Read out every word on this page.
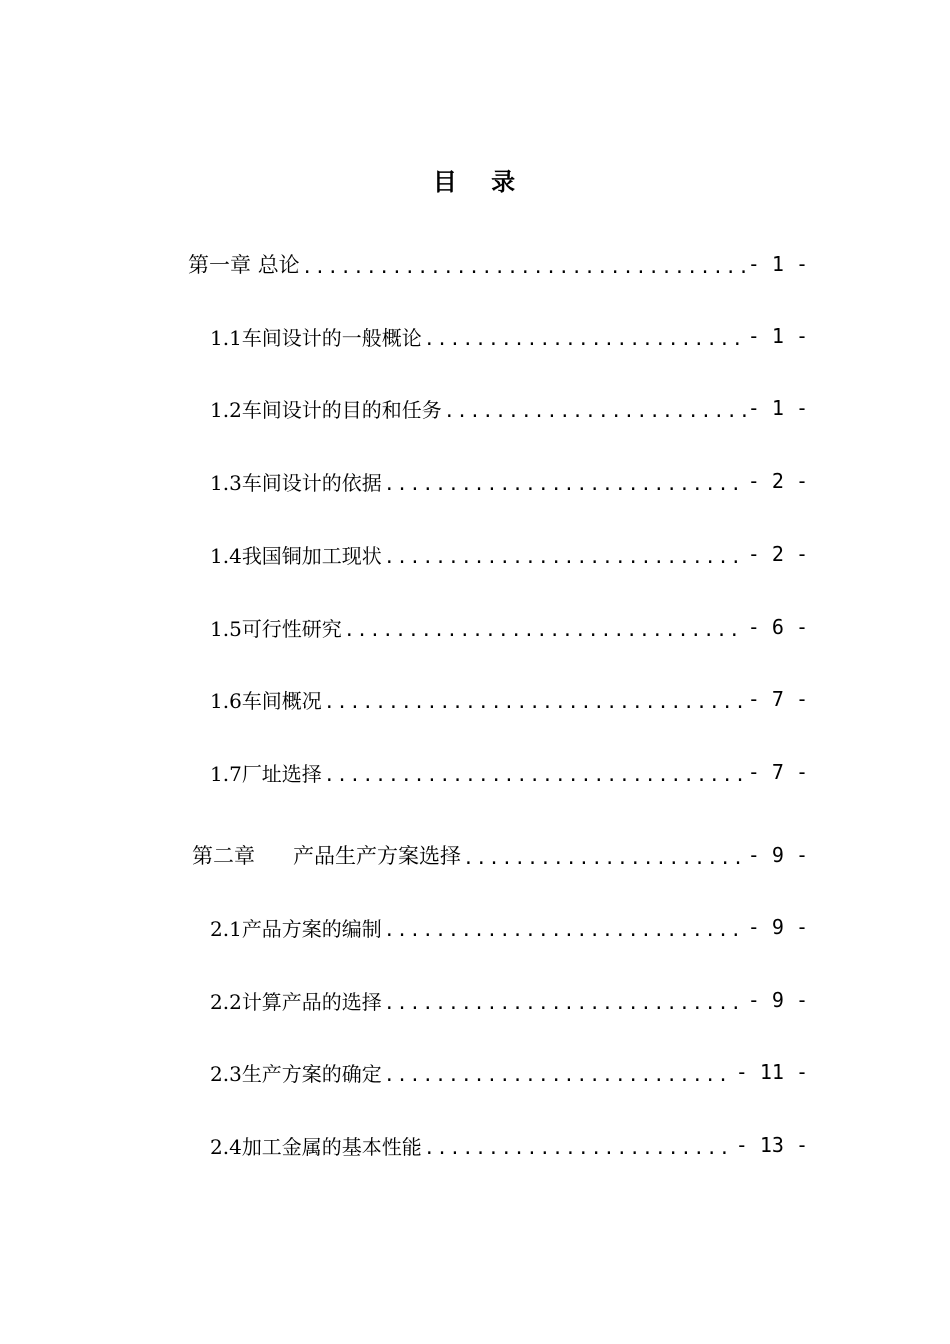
目 录
第一章 总论 .....	- 1 -
1.1车间设计的一般概论 .....	- 1 -
1.2车间设计的目的和任务 .....	- 1 -
1.3车间设计的依据 .....	- 2 -
1.4我国铜加工现状 .....	- 2 -
1.5可行性研究 .....	- 6 -
1.6车间概况 .....	- 7 -
1.7厂址选择 .....	- 7 -
第二章 产品生产方案选择 .....	- 9 -
2.1产品方案的编制 .....	- 9 -
2.2计算产品的选择 .....	- 9 -
2.3生产方案的确定 .....	- 11 -
2.4加工金属的基本性能 .....	- 13 -
